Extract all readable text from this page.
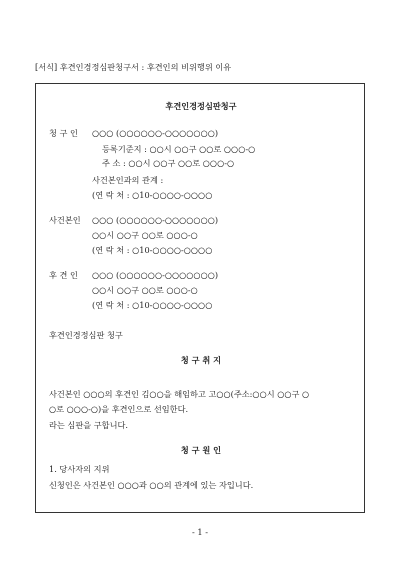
[서식] 후견인경정심판청구서 : 후견인의 비위행위 이유
후견인경정심판청구
청 구 인 ○○○ (○○○○○○-○○○○○○○)
등록기준지 : ○○시 ○○구 ○○로 ○○○-○
주 소 : ○○시 ○○구 ○○로 ○○○-○
사건본인과의 관계 :
(연 락 처 : ○10-○○○○-○○○○
사건본인 ○○○ (○○○○○○-○○○○○○○)
○○시 ○○구 ○○로 ○○○-○
(연 락 처 : ○10-○○○○-○○○○
후 견 인 ○○○ (○○○○○○-○○○○○○○)
○○시 ○○구 ○○로 ○○○-○
(연 락 처 : ○10-○○○○-○○○○
후견인경정심판 청구
청 구 취 지
사건본인 ○○○의 후견인 김○○을 해임하고 고○○(주소:○○시 ○○구 ○
○로 ○○○-○)을 후견인으로 선임한다.
라는 심판을 구합니다.
청 구 원 인
1. 당사자의 지위
신청인은 사건본인 ○○○과 ○○의 관계에 있는 자입니다.
- 1 -
